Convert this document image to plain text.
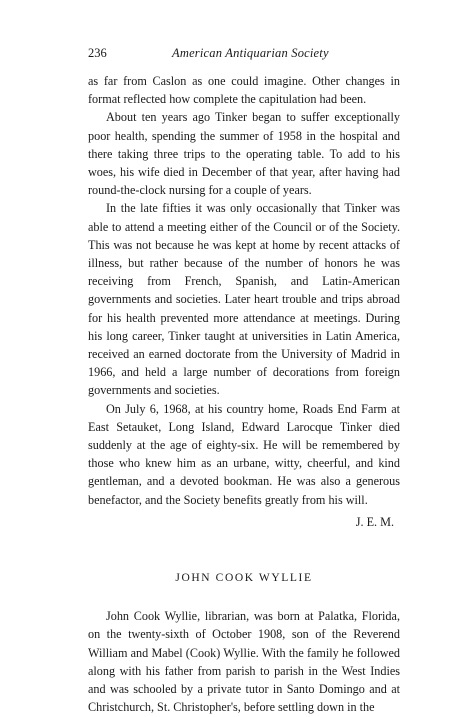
236	American Antiquarian Society

as far from Caslon as one could imagine. Other changes in format reflected how complete the capitulation had been.

About ten years ago Tinker began to suffer exceptionally poor health, spending the summer of 1958 in the hospital and there taking three trips to the operating table. To add to his woes, his wife died in December of that year, after having had round-the-clock nursing for a couple of years.

In the late fifties it was only occasionally that Tinker was able to attend a meeting either of the Council or of the Society. This was not because he was kept at home by recent attacks of illness, but rather because of the number of honors he was receiving from French, Spanish, and Latin-American governments and societies. Later heart trouble and trips abroad for his health prevented more attendance at meetings. During his long career, Tinker taught at universities in Latin America, received an earned doctorate from the University of Madrid in 1966, and held a large number of decorations from foreign governments and societies.

On July 6, 1968, at his country home, Roads End Farm at East Setauket, Long Island, Edward Larocque Tinker died suddenly at the age of eighty-six. He will be remembered by those who knew him as an urbane, witty, cheerful, and kind gentleman, and a devoted bookman. He was also a generous benefactor, and the Society benefits greatly from his will.

J. E. M.

JOHN COOK WYLLIE

John Cook Wyllie, librarian, was born at Palatka, Florida, on the twenty-sixth of October 1908, son of the Reverend William and Mabel (Cook) Wyllie. With the family he followed along with his father from parish to parish in the West Indies and was schooled by a private tutor in Santo Domingo and at Christchurch, St. Christopher's, before settling down in the
